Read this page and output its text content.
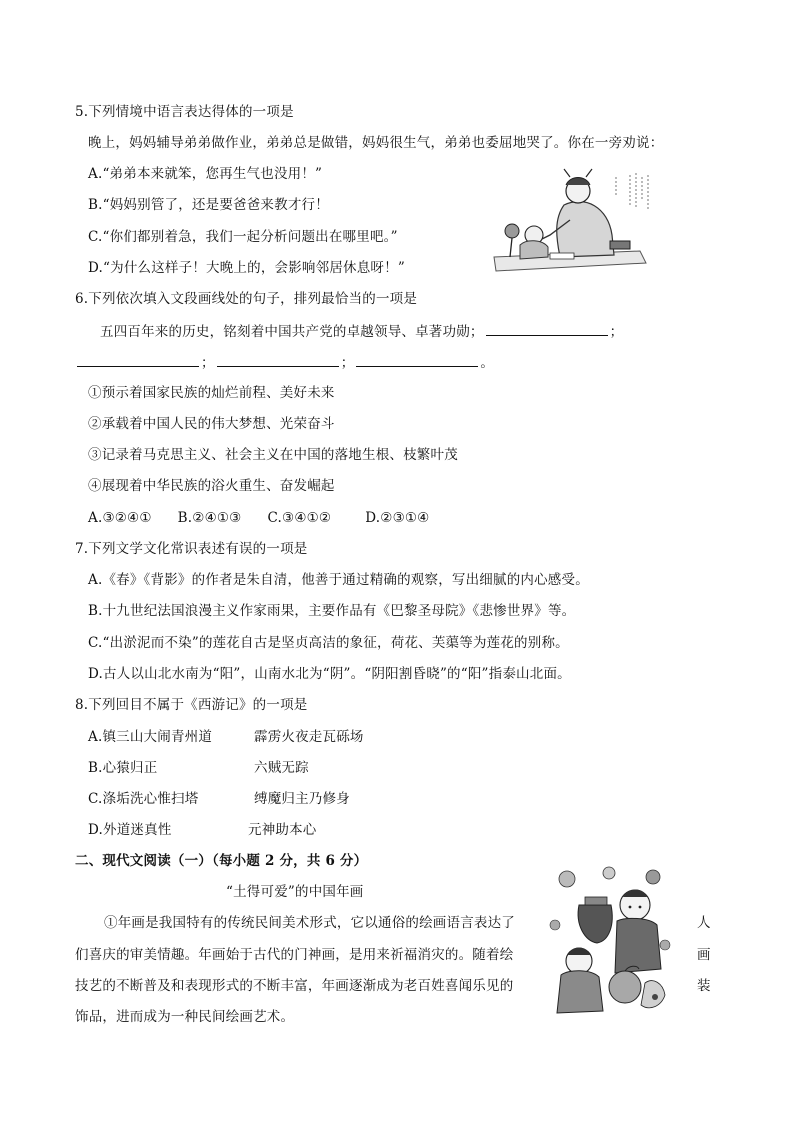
5.下列情境中语言表达得体的一项是
晚上，妈妈辅导弟弟做作业，弟弟总是做错，妈妈很生气，弟弟也委屈地哭了。你在一旁劝说：
A.“弟弟本来就笨，您再生气也没用！”
B.“妈妈别管了，还是要爸爸来教才行！
C.“你们都别着急，我们一起分析问题出在哪里吧。”
D.“为什么这样子！大晚上的，会影响邻居休息呀！”
6.下列依次填入文段画线处的句子，排列最恰当的一项是
五四百年来的历史，铭刻着中国共产党的卓越领导、卓著功勋；	；
；	；	。
①预示着国家民族的灿烂前程、美好未来
②承载着中国人民的伟大梦想、光荣奋斗
③记录着马克思主义、社会主义在中国的落地生根、枝繁叶茂
④展现着中华民族的浴火重生、奋发崛起
A.③②④① B.②④①③ C.③④①②	D.②③①④
7.下列文学文化常识表述有误的一项是
A.《春》《背影》的作者是朱自清，他善于通过精确的观察，写出细腻的内心感受。
B.十九世纪法国浪漫主义作家雨果，主要作品有《巴黎圣母院》《悲惨世界》等。
C.“出淤泥而不染”的莲花自古是坚贞高洁的象征，荷花、芙蕖等为莲花的别称。
D.古人以山北水南为“阳”，山南水北为“阴”。“阴阳割昏晓”的“阳”指泰山北面。
8.下列回目不属于《西游记》的一项是
A.镇三山大闹青州道	霹雳火夜走瓦砾场
B.心猿归正	六贼无踪
C.涤垢洗心惟扫塔	缚魔归主乃修身
D.外道迷真性	元神助本心
二、现代文阅读（一）（每小题 2 分，共 6 分）
“土得可爱”的中国年画
①年画是我国特有的传统民间美术形式，它以通俗的绘画语言表达了	人
们喜庆的审美情趣。年画始于古代的门神画，是用来祈福消灾的。随着绘	画
技艺的不断普及和表现形式的不断丰富，年画逐渐成为老百姓喜闻乐见的	装
饰品，进而成为一种民间绘画艺术。
